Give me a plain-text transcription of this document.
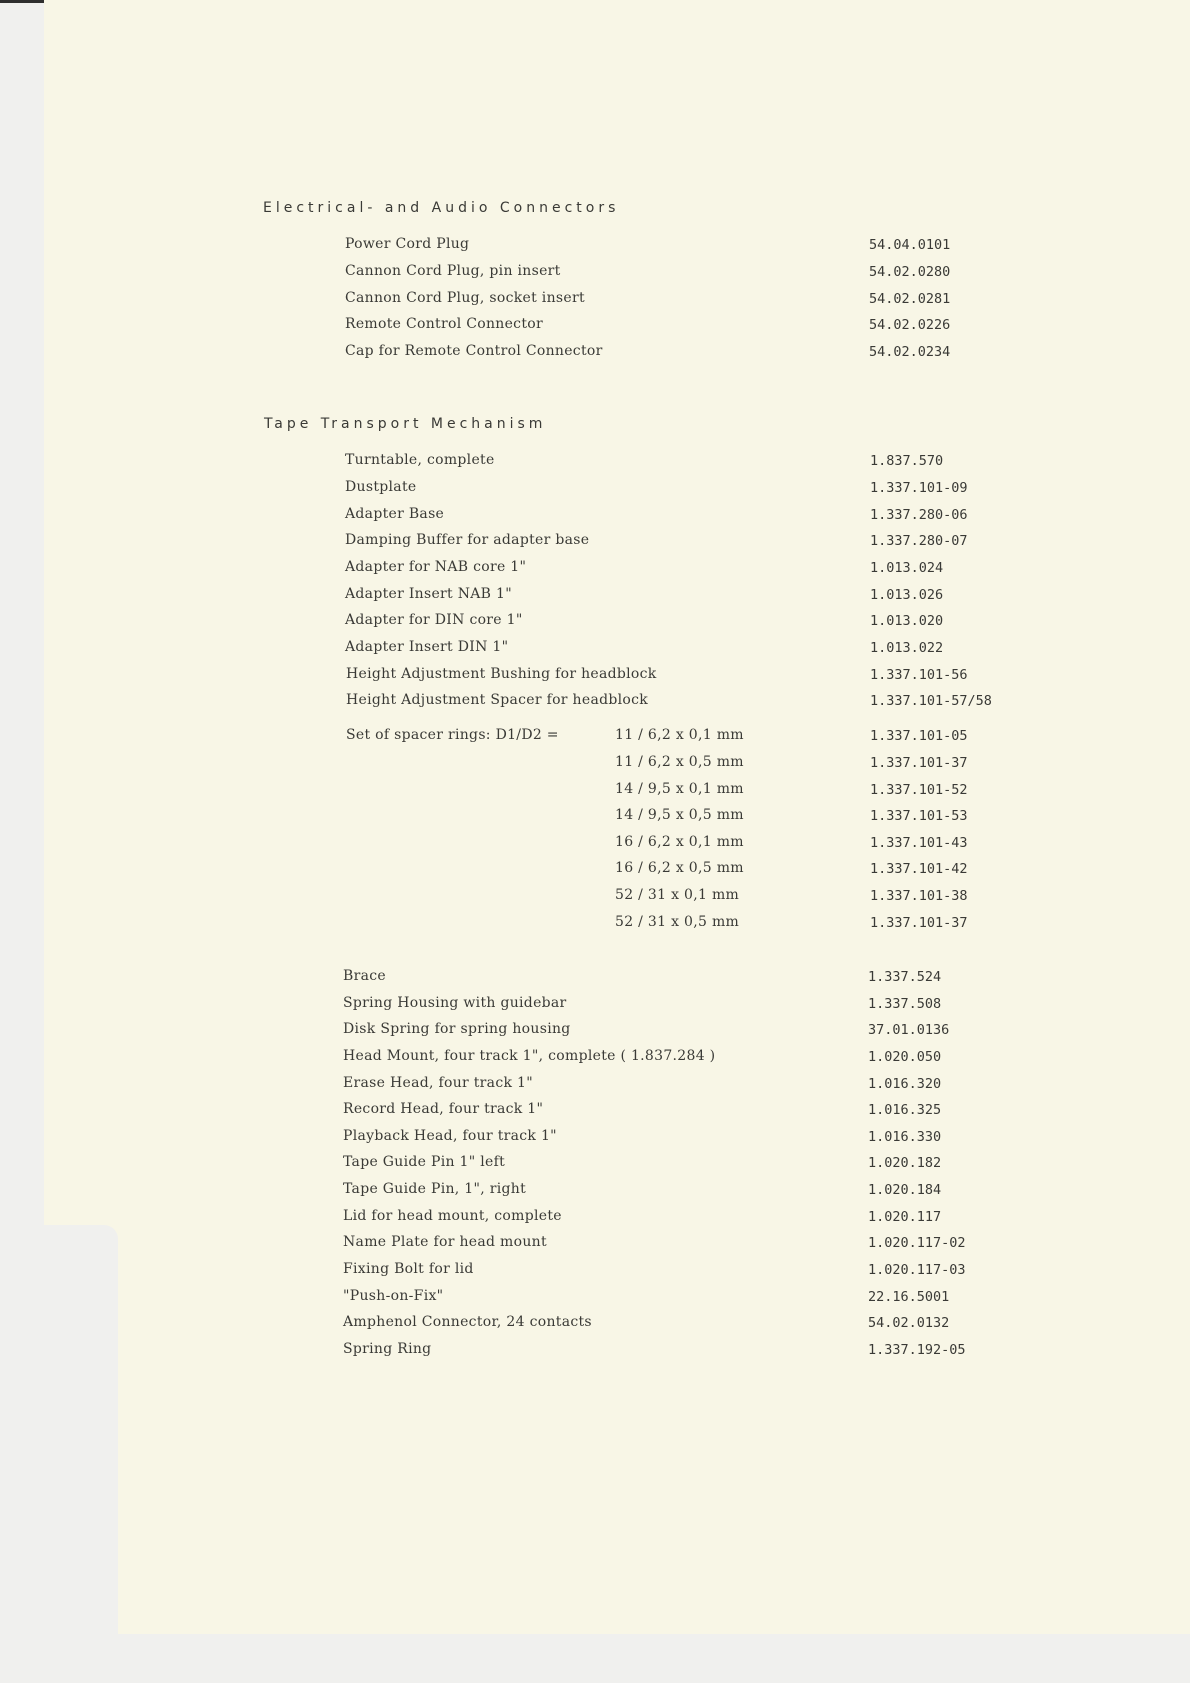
Electrical- and Audio Connectors
Power Cord Plug	54.04.0101
Cannon Cord Plug, pin insert	54.02.0280
Cannon Cord Plug, socket insert	54.02.0281
Remote Control Connector	54.02.0226
Cap for Remote Control Connector	54.02.0234
Tape Transport Mechanism
Turntable, complete	1.837.570
Dustplate	1.337.101-09
Adapter Base	1.337.280-06
Damping Buffer for adapter base	1.337.280-07
Adapter for NAB core 1"	1.013.024
Adapter Insert NAB 1"	1.013.026
Adapter for DIN core 1"	1.013.020
Adapter Insert DIN 1"	1.013.022
Height Adjustment Bushing for headblock	1.337.101-56
Height Adjustment Spacer for headblock	1.337.101-57/58
Set of spacer rings: D1/D2 =	11 / 6,2 x 0,1 mm	1.337.101-05
11 / 6,2 x 0,5 mm	1.337.101-37
14 / 9,5 x 0,1 mm	1.337.101-52
14 / 9,5 x 0,5 mm	1.337.101-53
16 / 6,2 x 0,1 mm	1.337.101-43
16 / 6,2 x 0,5 mm	1.337.101-42
52 / 31 x 0,1 mm	1.337.101-38
52 / 31 x 0,5 mm	1.337.101-37
Brace	1.337.524
Spring Housing with guidebar	1.337.508
Disk Spring for spring housing	37.01.0136
Head Mount, four track 1", complete ( 1.837.284 )	1.020.050
Erase Head, four track 1"	1.016.320
Record Head, four track 1"	1.016.325
Playback Head, four track 1"	1.016.330
Tape Guide Pin 1" left	1.020.182
Tape Guide Pin, 1", right	1.020.184
Lid for head mount, complete	1.020.117
Name Plate for head mount	1.020.117-02
Fixing Bolt for lid	1.020.117-03
"Push-on-Fix"	22.16.5001
Amphenol Connector, 24 contacts	54.02.0132
Spring Ring	1.337.192-05
